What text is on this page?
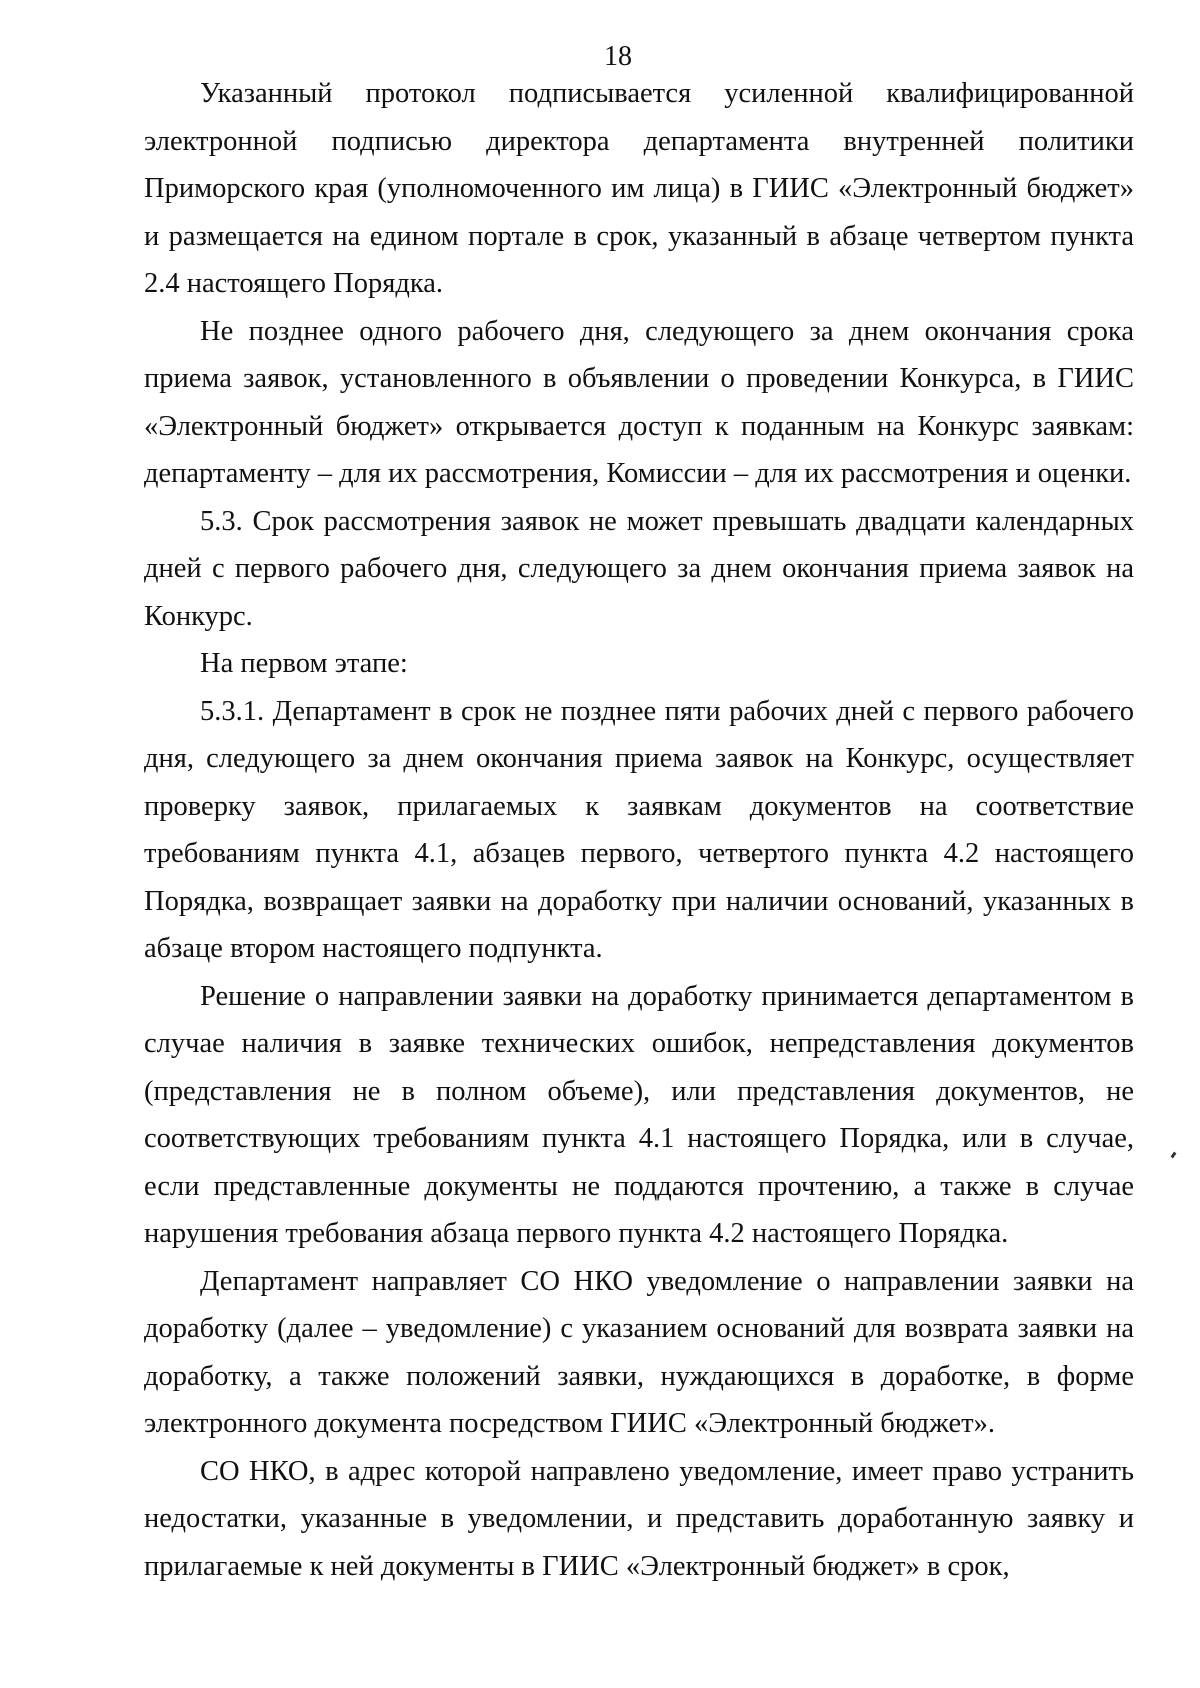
18

Указанный протокол подписывается усиленной квалифицированной электронной подписью директора департамента внутренней политики Приморского края (уполномоченного им лица) в ГИИС «Электронный бюджет» и размещается на едином портале в срок, указанный в абзаце четвертом пункта 2.4 настоящего Порядка.

Не позднее одного рабочего дня, следующего за днем окончания срока приема заявок, установленного в объявлении о проведении Конкурса, в ГИИС «Электронный бюджет» открывается доступ к поданным на Конкурс заявкам: департаменту – для их рассмотрения, Комиссии – для их рассмотрения и оценки.

5.3. Срок рассмотрения заявок не может превышать двадцати календарных дней с первого рабочего дня, следующего за днем окончания приема заявок на Конкурс.

На первом этапе:

5.3.1. Департамент в срок не позднее пяти рабочих дней с первого рабочего дня, следующего за днем окончания приема заявок на Конкурс, осуществляет проверку заявок, прилагаемых к заявкам документов на соответствие требованиям пункта 4.1, абзацев первого, четвертого пункта 4.2 настоящего Порядка, возвращает заявки на доработку при наличии оснований, указанных в абзаце втором настоящего подпункта.

Решение о направлении заявки на доработку принимается департаментом в случае наличия в заявке технических ошибок, непредставления документов (представления не в полном объеме), или представления документов, не соответствующих требованиям пункта 4.1 настоящего Порядка, или в случае, если представленные документы не поддаются прочтению, а также в случае нарушения требования абзаца первого пункта 4.2 настоящего Порядка.

Департамент направляет СО НКО уведомление о направлении заявки на доработку (далее – уведомление) с указанием оснований для возврата заявки на доработку, а также положений заявки, нуждающихся в доработке, в форме электронного документа посредством ГИИС «Электронный бюджет».

СО НКО, в адрес которой направлено уведомление, имеет право устранить недостатки, указанные в уведомлении, и представить доработанную заявку и прилагаемые к ней документы в ГИИС «Электронный бюджет» в срок,
